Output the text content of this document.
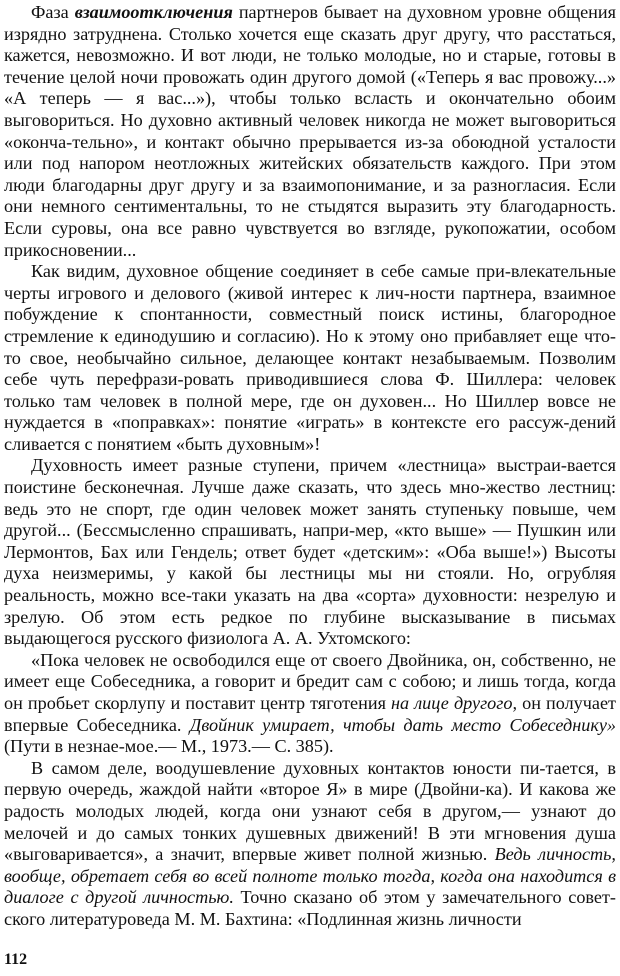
Фаза взаимоотключения партнеров бывает на духовном уровне общения изрядно затруднена. Столько хочется еще сказать друг другу, что расстаться, кажется, невозможно. И вот люди, не только молодые, но и старые, готовы в течение целой ночи провожать один другого домой («Теперь я вас провожу...» «А теперь — я вас...»), чтобы только всласть и окончательно обоим выговориться. Но духовно активный человек никогда не может выговориться «оконча-тельно», и контакт обычно прерывается из-за обоюдной усталости или под напором неотложных житейских обязательств каждого. При этом люди благодарны друг другу и за взаимопонимание, и за разногласия. Если они немного сентиментальны, то не стыдятся выразить эту благодарность. Если суровы, она все равно чувствуется во взгляде, рукопожатии, особом прикосновении...

Как видим, духовное общение соединяет в себе самые при-влекательные черты игрового и делового (живой интерес к лич-ности партнера, взаимное побуждение к спонтанности, совместный поиск истины, благородное стремление к единодушию и согласию). Но к этому оно прибавляет еще что-то свое, необычайно сильное, делающее контакт незабываемым. Позволим себе чуть перефрази-ровать приводившиеся слова Ф. Шиллера: человек только там человек в полной мере, где он духовен... Но Шиллер вовсе не нуждается в «поправках»: понятие «играть» в контексте его рассуж-дений сливается с понятием «быть духовным»!

Духовность имеет разные ступени, причем «лестница» выстраи-вается поистине бесконечная. Лучше даже сказать, что здесь мно-жество лестниц: ведь это не спорт, где один человек может занять ступеньку повыше, чем другой... (Бессмысленно спрашивать, напри-мер, «кто выше» — Пушкин или Лермонтов, Бах или Гендель; ответ будет «детским»: «Оба выше!») Высоты духа неизмеримы, у какой бы лестницы мы ни стояли. Но, огрубляя реальность, можно все-таки указать на два «сорта» духовности: незрелую и зрелую. Об этом есть редкое по глубине высказывание в письмах выдающегося русского физиолога А. А. Ухтомского:

«Пока человек не освободился еще от своего Двойника, он, собственно, не имеет еще Собеседника, а говорит и бредит сам с собою; и лишь тогда, когда он пробьет скорлупу и поставит центр тяготения на лице другого, он получает впервые Собеседника. Двойник умирает, чтобы дать место Собеседнику» (Пути в незнае-мое.— М., 1973.— С. 385).

В самом деле, воодушевление духовных контактов юности пи-тается, в первую очередь, жаждой найти «второе Я» в мире (Двойни-ка). И какова же радость молодых людей, когда они узнают себя в другом,— узнают до мелочей и до самых тонких душевных движений! В эти мгновения душа «выговаривается», а значит, впервые живет полной жизнью. Ведь личность, вообще, обретает себя во всей полноте только тогда, когда она находится в диалоге с другой личностью. Точно сказано об этом у замечательного совет-ского литературоведа М. М. Бахтина: «Подлинная жизнь личности

112
